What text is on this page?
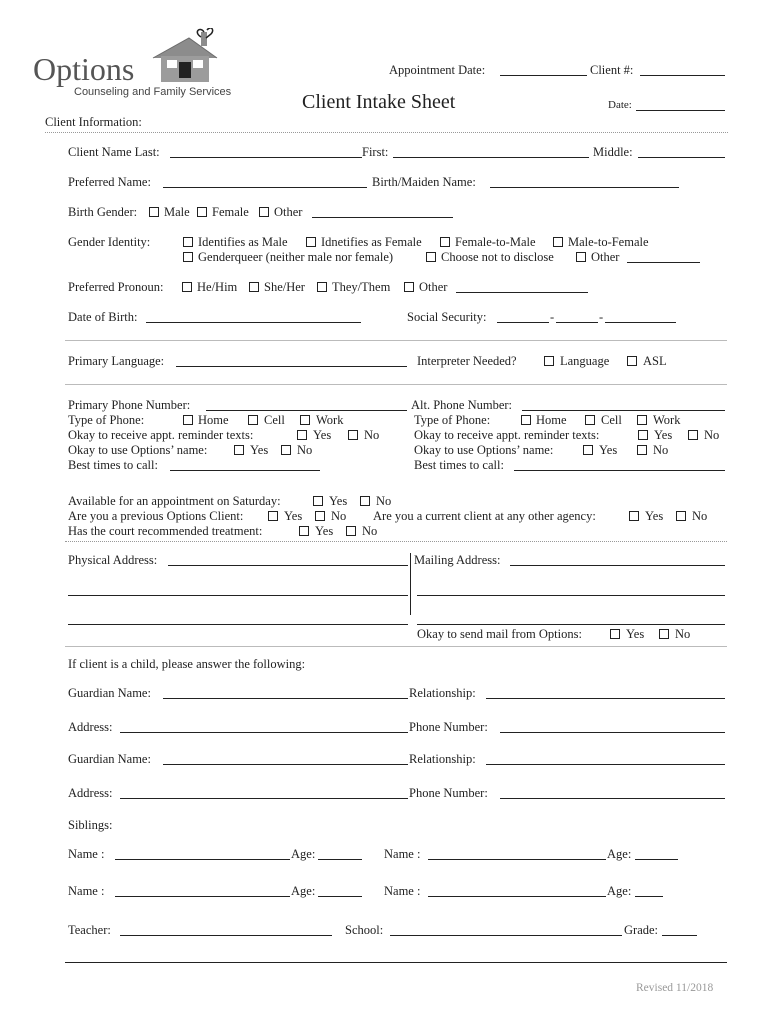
Options
Counseling and Family Services
Appointment Date:	Client #:
Client Intake Sheet	Date:
Client Information:
Client Name Last:	First:	Middle:
Preferred Name:	Birth/Maiden Name:
Birth Gender: Male Female Other
Gender Identity:	Identifies as Male	Idnetifies as Female	Female-to-Male	Male-to-Female
Genderqueer (neither male nor female)	Choose not to disclose	Other
Preferred Pronoun:	He/Him She/Her They/Them Other
Date of Birth:	Social Security:	-	-
Primary Language:	Interpreter Needed?	Language	ASL
Primary Phone Number:
Type of Phone:	Home	Cell Work
Okay to receive appt. reminder texts:	Yes	No
Okay to use Options’ name:	Yes No
Best times to call:
Alt. Phone Number:
Type of Phone:	Home	Cell Work
Okay to receive appt. reminder texts:	Yes	No
Okay to use Options’ name:	Yes	No
Best times to call:
Available for an appointment on Saturday:	Yes No
Are you a previous Options Client:	Yes No Are you a current client at any other agency:	Yes No
Has the court recommended treatment:	Yes No
Physical Address:	Mailing Address:
Okay to send mail from Options:	Yes No
If client is a child, please answer the following:
Guardian Name:	Relationship:
Address:	Phone Number:
Guardian Name:	Relationship:
Address:	Phone Number:
Siblings:
Name :	Age:	Name :	Age:
Name :	Age:	Name :	Age:
Teacher:	School:	Grade:
Revised 11/2018
